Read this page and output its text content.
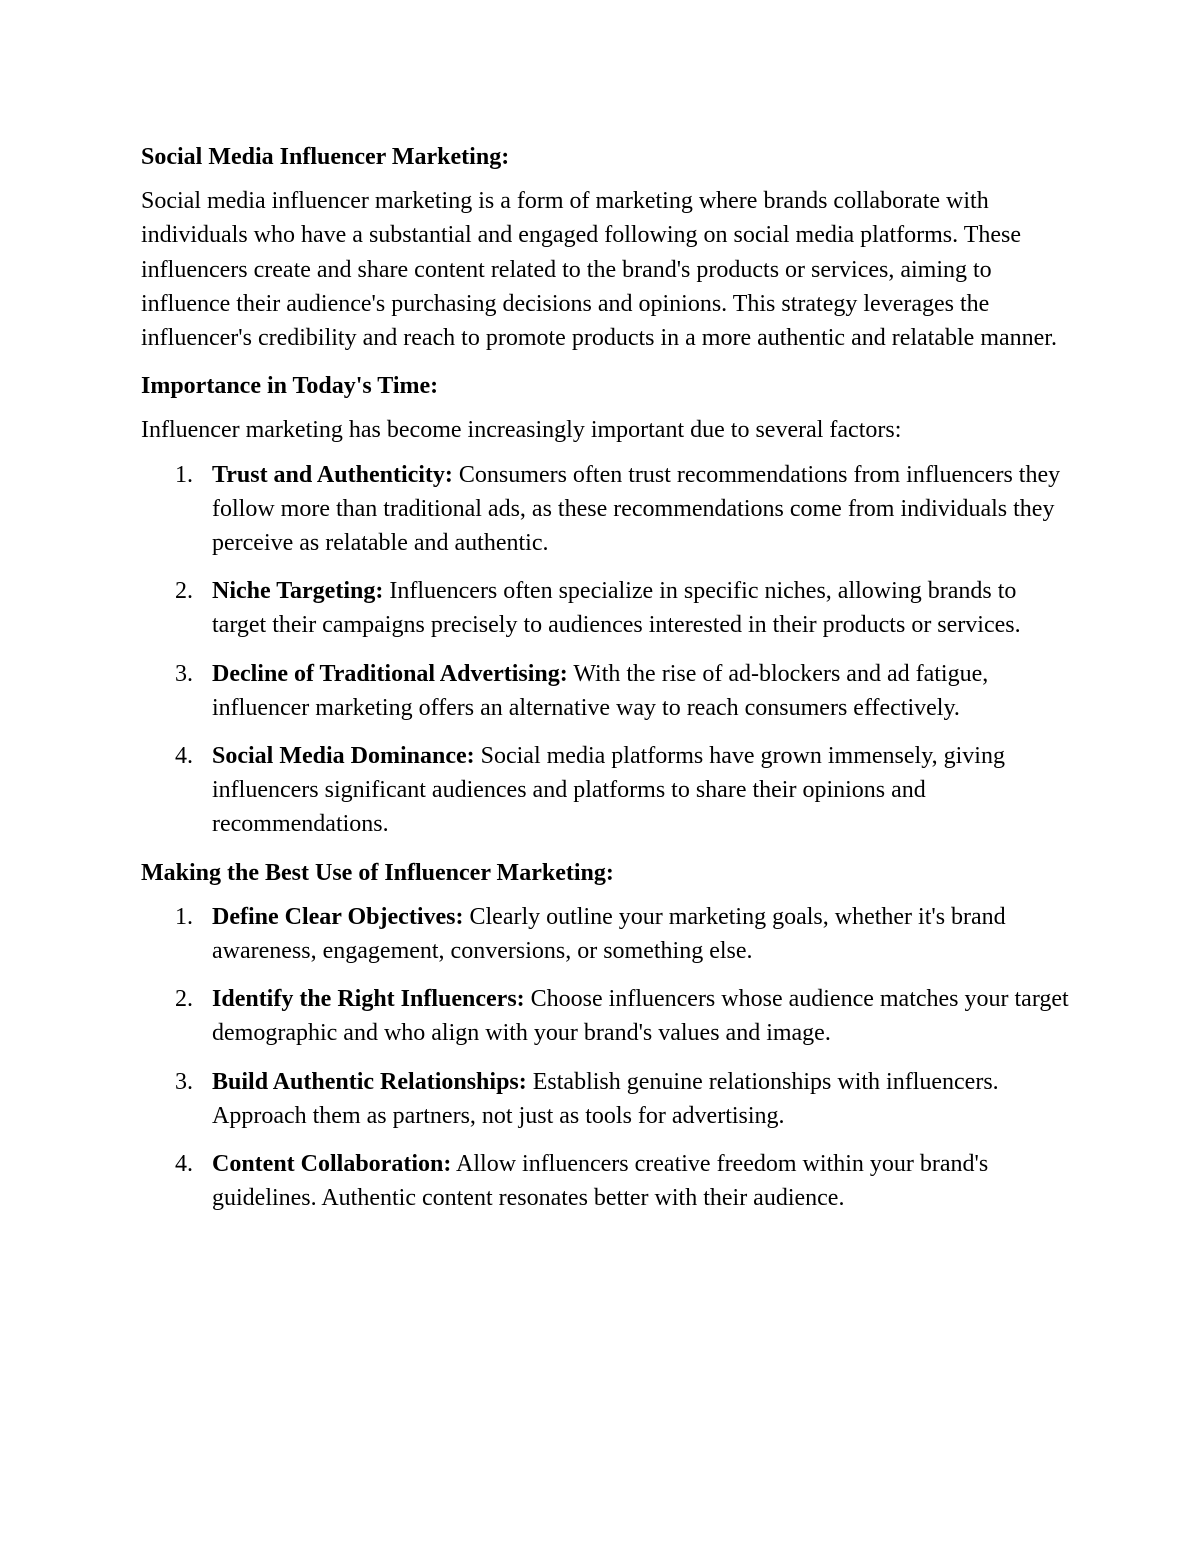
Social Media Influencer Marketing:

Social media influencer marketing is a form of marketing where brands collaborate with individuals who have a substantial and engaged following on social media platforms. These influencers create and share content related to the brand's products or services, aiming to influence their audience's purchasing decisions and opinions. This strategy leverages the influencer's credibility and reach to promote products in a more authentic and relatable manner.

Importance in Today's Time:

Influencer marketing has become increasingly important due to several factors:

1. Trust and Authenticity: Consumers often trust recommendations from influencers they follow more than traditional ads, as these recommendations come from individuals they perceive as relatable and authentic.
2. Niche Targeting: Influencers often specialize in specific niches, allowing brands to target their campaigns precisely to audiences interested in their products or services.
3. Decline of Traditional Advertising: With the rise of ad-blockers and ad fatigue, influencer marketing offers an alternative way to reach consumers effectively.
4. Social Media Dominance: Social media platforms have grown immensely, giving influencers significant audiences and platforms to share their opinions and recommendations.

Making the Best Use of Influencer Marketing:

1. Define Clear Objectives: Clearly outline your marketing goals, whether it's brand awareness, engagement, conversions, or something else.
2. Identify the Right Influencers: Choose influencers whose audience matches your target demographic and who align with your brand's values and image.
3. Build Authentic Relationships: Establish genuine relationships with influencers. Approach them as partners, not just as tools for advertising.
4. Content Collaboration: Allow influencers creative freedom within your brand's guidelines. Authentic content resonates better with their audience.
